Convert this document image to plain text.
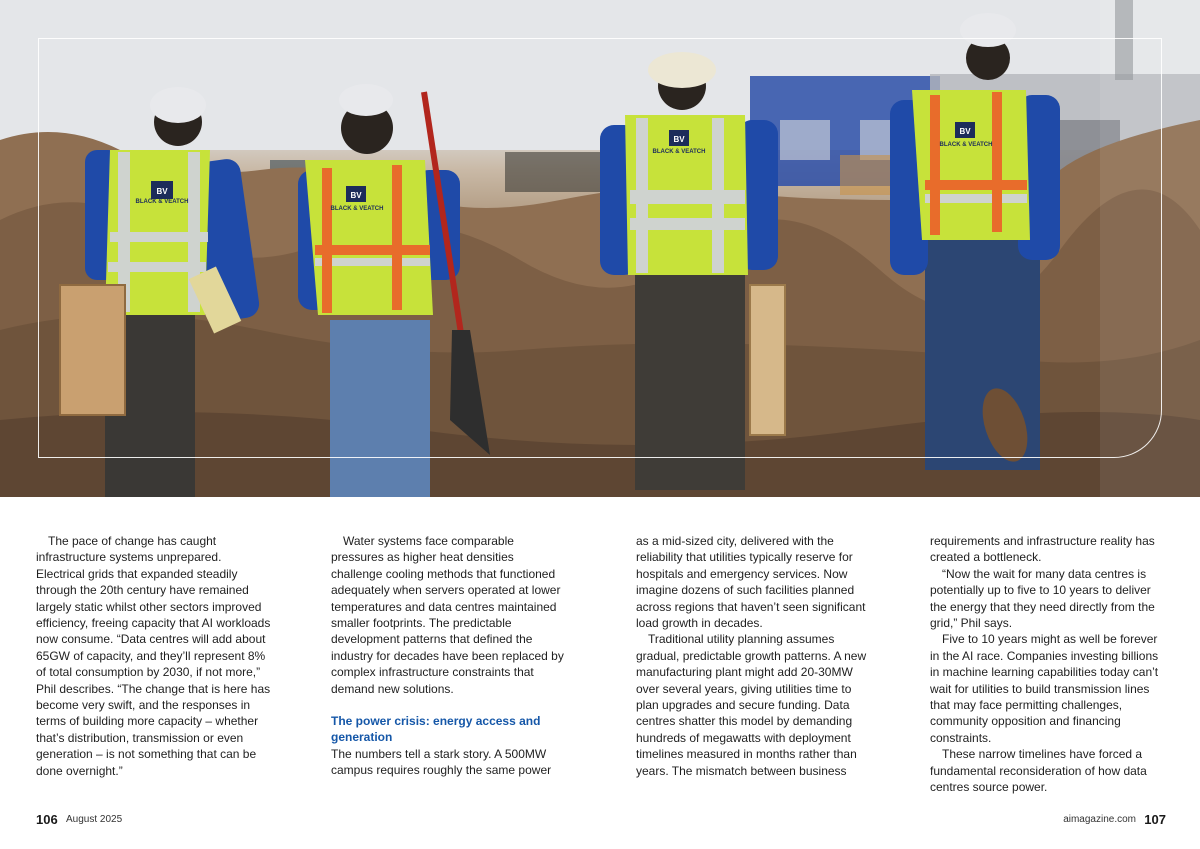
BLACK & VEATCH
BLACK & VEATCH
BLACK & VEATCH
BLACK & VEATCH
BV	BV
BV
BV

The pace of change has caught infrastructure systems unprepared. Electrical grids that expanded steadily through the 20th century have remained largely static whilst other sectors improved efficiency, freeing capacity that AI workloads now consume. “Data centres will add about 65GW of capacity, and they’ll represent 8% of total consumption by 2030, if not more,” Phil describes. “The change that is here has become very swift, and the responses in terms of building more capacity – whether that’s distribution, transmission or even generation – is not something that can be done overnight.”

Water systems face comparable pressures as higher heat densities challenge cooling methods that functioned adequately when servers operated at lower temperatures and data centres maintained smaller footprints. The predictable development patterns that defined the industry for decades have been replaced by complex infrastructure constraints that demand new solutions.

The power crisis: energy access and generation

The numbers tell a stark story. A 500MW campus requires roughly the same power

as a mid-sized city, delivered with the reliability that utilities typically reserve for hospitals and emergency services. Now imagine dozens of such facilities planned across regions that haven’t seen significant load growth in decades.

Traditional utility planning assumes gradual, predictable growth patterns. A new manufacturing plant might add 20-30MW over several years, giving utilities time to plan upgrades and secure funding. Data centres shatter this model by demanding hundreds of megawatts with deployment timelines measured in months rather than years. The mismatch between business

requirements and infrastructure reality has created a bottleneck.

“Now the wait for many data centres is potentially up to five to 10 years to deliver the energy that they need directly from the grid,” Phil says.

Five to 10 years might as well be forever in the AI race. Companies investing billions in machine learning capabilities today can’t wait for utilities to build transmission lines that may face permitting challenges, community opposition and financing constraints.

These narrow timelines have forced a fundamental reconsideration of how data centres source power.

106 August 2025	aimagazine.com 107
